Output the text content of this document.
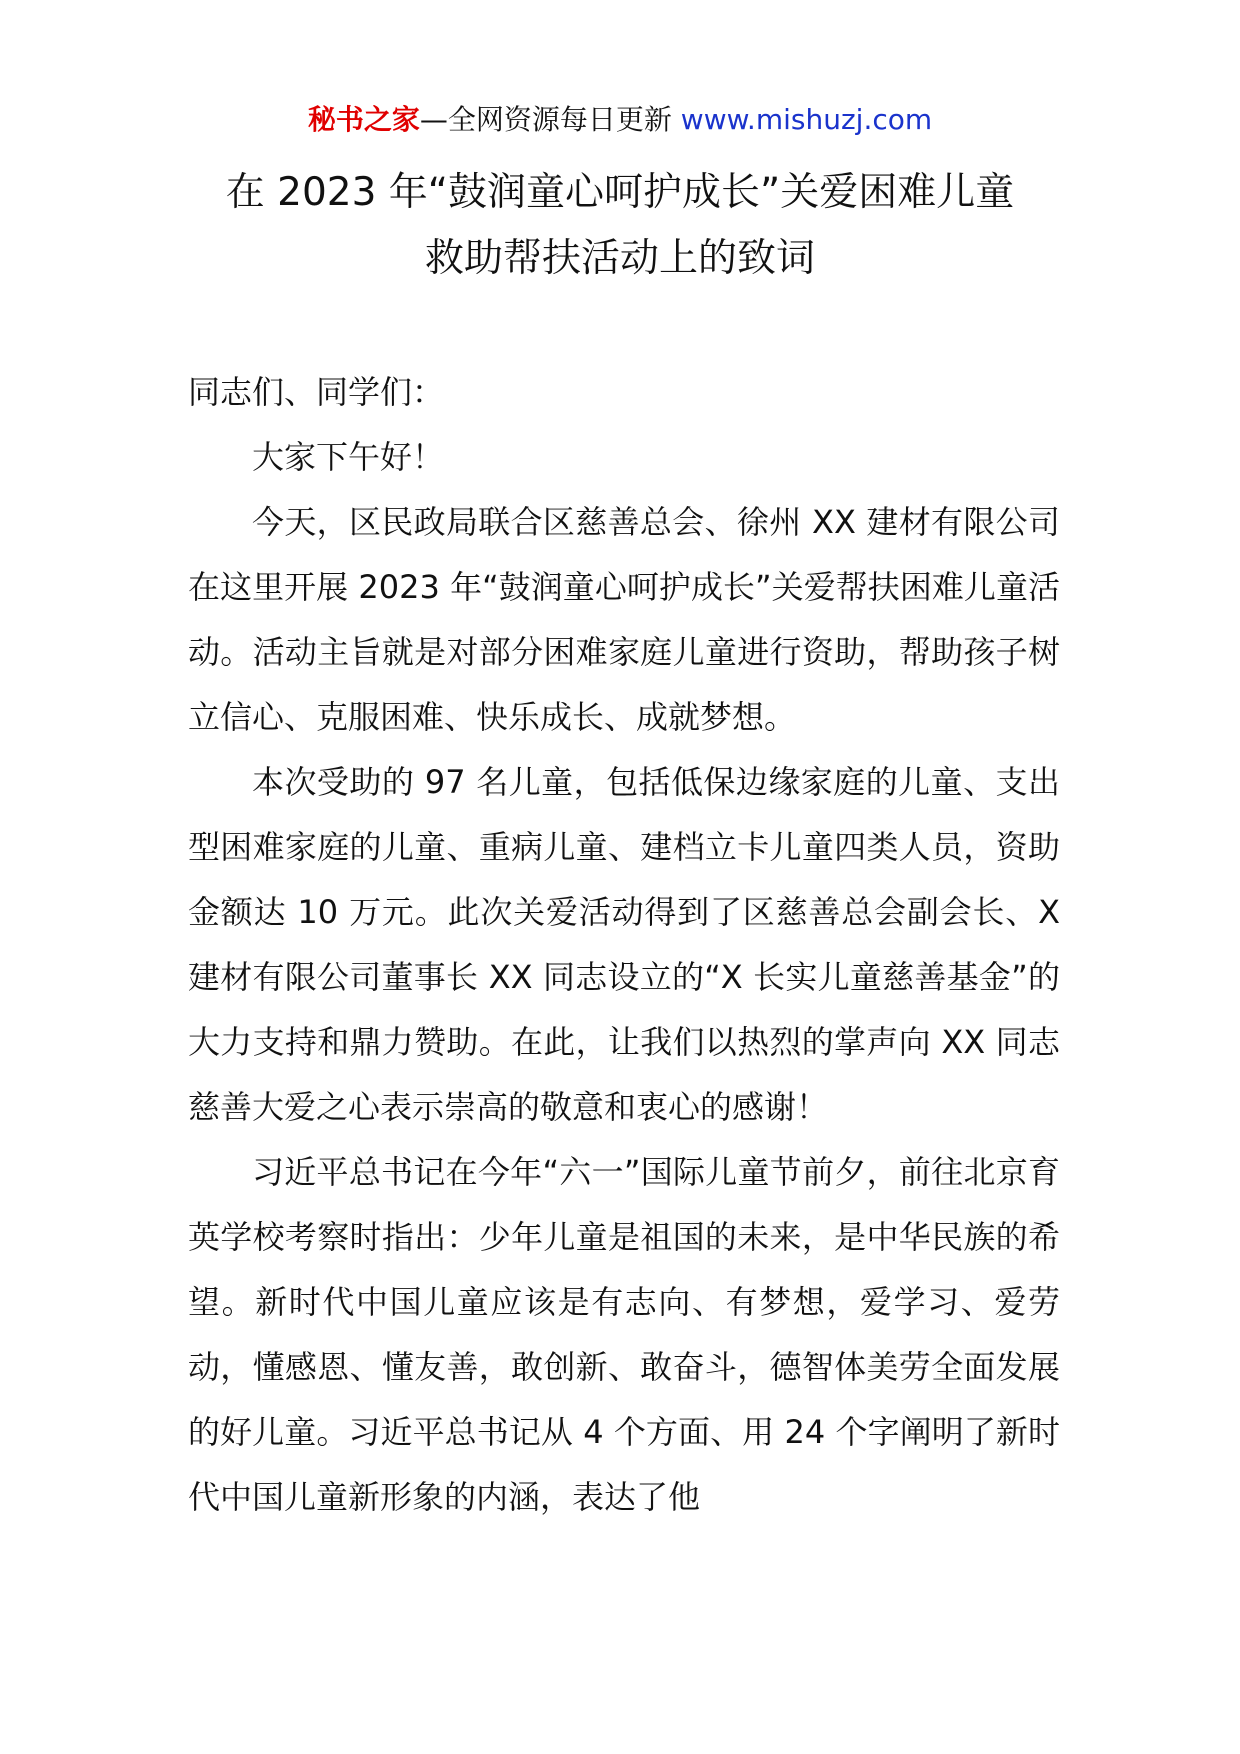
秘书之家—全网资源每日更新 www.mishuzj.com
在 2023 年“鼓润童心呵护成长”关爱困难儿童
救助帮扶活动上的致词

同志们、同学们：

大家下午好！

今天，区民政局联合区慈善总会、徐州 XX 建材有限公司在这里开展 2023 年“鼓润童心呵护成长”关爱帮扶困难儿童活动。活动主旨就是对部分困难家庭儿童进行资助，帮助孩子树立信心、克服困难、快乐成长、成就梦想。

本次受助的 97 名儿童，包括低保边缘家庭的儿童、支出型困难家庭的儿童、重病儿童、建档立卡儿童四类人员，资助金额达 10 万元。此次关爱活动得到了区慈善总会副会长、X 建材有限公司董事长 XX 同志设立的“X 长实儿童慈善基金”的大力支持和鼎力赞助。在此，让我们以热烈的掌声向 XX 同志慈善大爱之心表示崇高的敬意和衷心的感谢！

习近平总书记在今年“六一”国际儿童节前夕，前往北京育英学校考察时指出：少年儿童是祖国的未来，是中华民族的希望。新时代中国儿童应该是有志向、有梦想，爱学习、爱劳动，懂感恩、懂友善，敢创新、敢奋斗，德智体美劳全面发展的好儿童。习近平总书记从 4 个方面、用 24 个字阐明了新时代中国儿童新形象的内涵，表达了他
